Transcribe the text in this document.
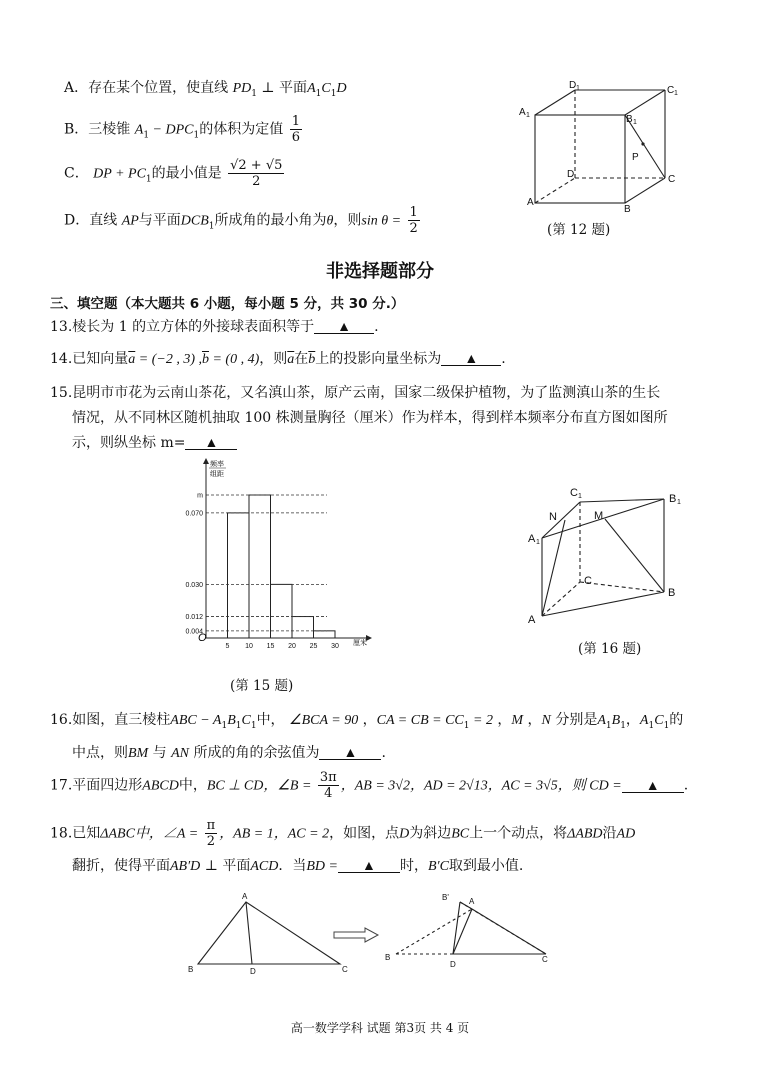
A．存在某个位置，使直线 $PD_1$ ⊥ 平面$A_1C_1D$
B．三棱锥 $A_1 - DPC_1$的体积为定值 $\frac{1}{6}$
C． DP + $PC_1$的最小值是 $\frac{√2 + √5}{2}$
D．直线 AP与平面$DCB_1$所成角的最小角为θ，则$\sin \theta = \frac{1}{2}$
D 1	C 1
A 1	B 1
P
D	C
A
B
(第 12 题)
非选择题部分
三、填空题（本大题共 6 小题，每小题 5 分，共 30 分.）
13.棱长为 1 的立方体的外接球表面积等于 ▲ .
14.已知向量$\overline{a} = (-2$ , 3) $,\overline{b} = (0$ , 4)，则$\overline{a}$在$\overline{b}$上的投影向量坐标为 ▲ .
15.昆明市市花为云南山茶花，又名滇山茶，原产云南，国家二级保护植物，为了监测滇山茶的生长
情况，从不同林区随机抽取 100 株测量胸径（厘米）作为样本，得到样本频率分布直方图如图所
示，则纵坐标 m= ▲
0.004
0.012
0.030
0.070
m
5 10 15 20 25 30
O
频率
组距
厘米
(第 15 题)
C 1	B 1
N	M
A 1
C
B
A
(第 16 题)
16.如图，直三棱柱ABC − $A_1B_1C_1$中， ∠BCA = 90 ，CA = CB = $CC_1 = 2$ ，M ，N 分别是$A_1B_1$，$A_1C_1$的
中点，则BM 与 AN 所成的角的余弦值为 ▲ .
17.平面四边形ABCD中，BC ⊥ CD，∠B = $\frac{3\pi}{4}$ ，AB = 3√2，AD = 2√13，AC = 3√5，则 CD = ▲ .
18.已知ΔABC中，∠A = $\frac{\pi}{2}$ ，AB = 1，AC = 2，如图，点D为斜边BC上一个动点，将ΔABD沿AD
翻折，使得平面AB′D ⊥ 平面ACD．当BD = ▲ 时，B′C取到最小值.
A
B	D	C
B'	A
B
D
C
高一数学学科 试题 第3页 共 4 页
